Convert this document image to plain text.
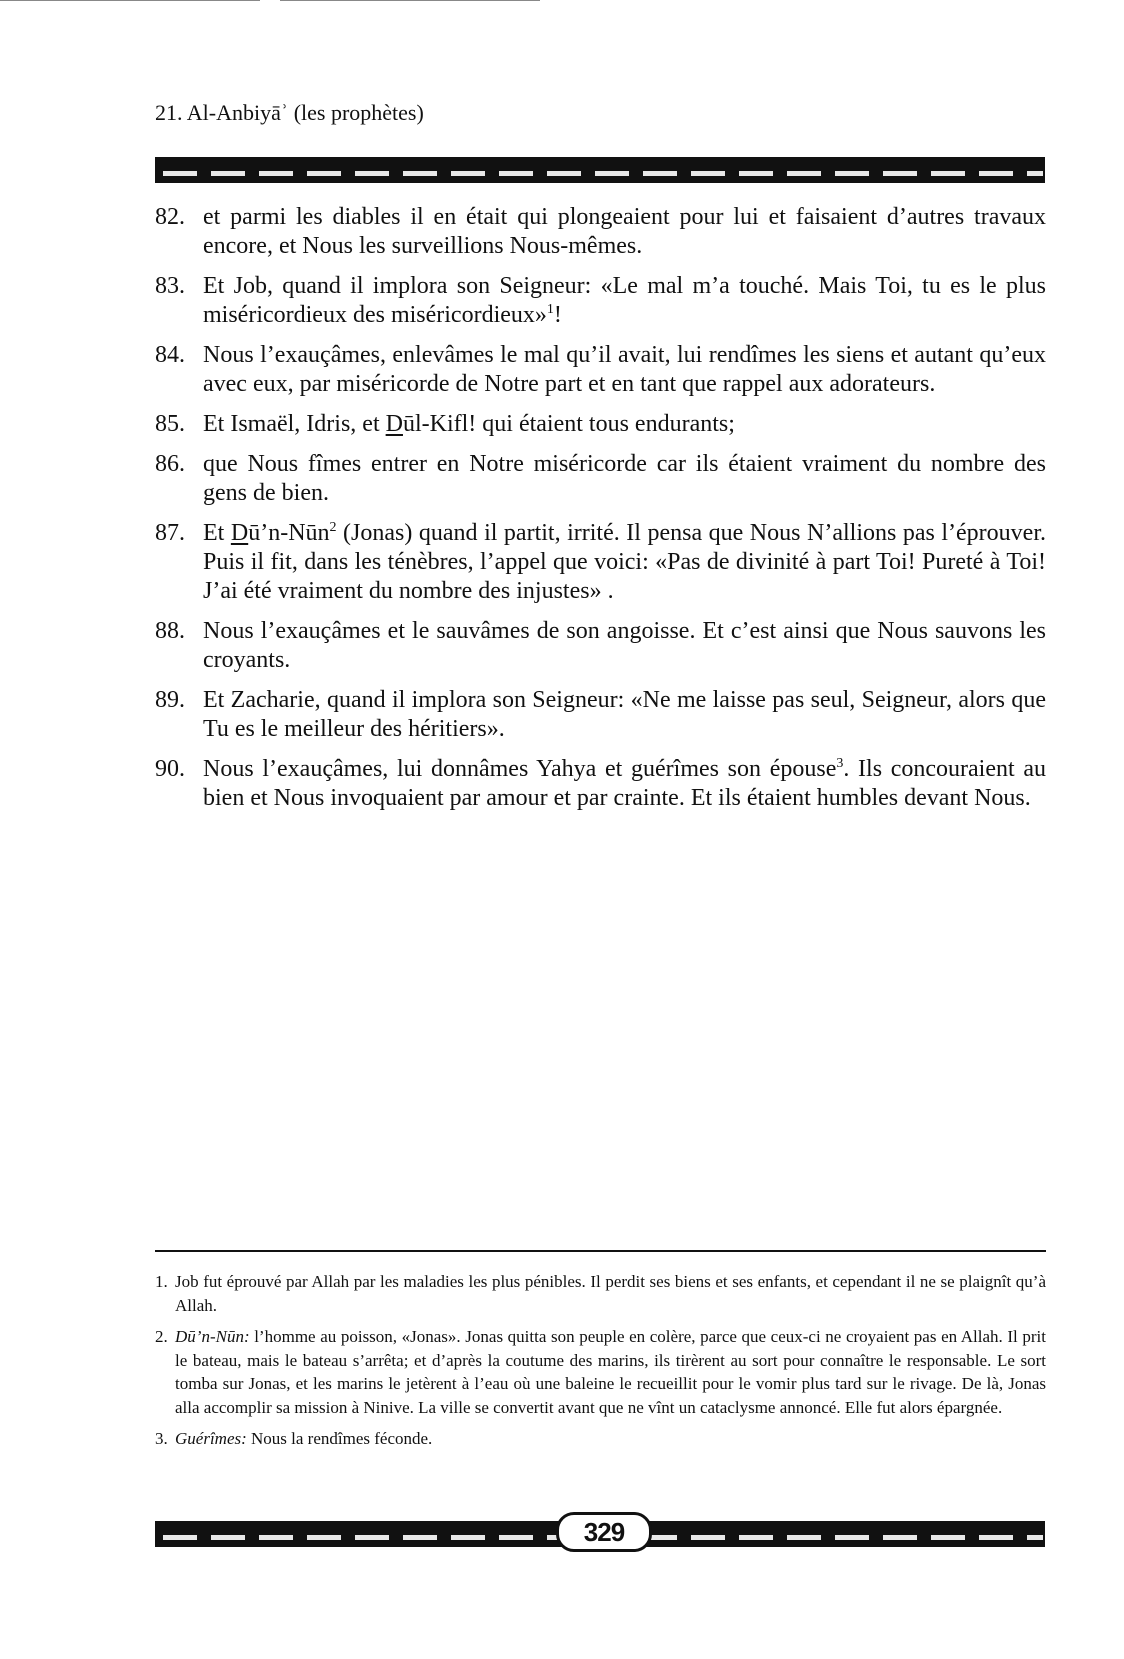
21. Al-Anbiyāʾ (les prophètes)
82. et parmi les diables il en était qui plongeaient pour lui et faisaient d’autres travaux encore, et Nous les surveillions Nous-mêmes.
83. Et Job, quand il implora son Seigneur: «Le mal m’a touché. Mais Toi, tu es le plus miséricordieux des miséricordieux»$^1$!
84. Nous l’exauçâmes, enlevâmes le mal qu’il avait, lui rendîmes les siens et autant qu’eux avec eux, par miséricorde de Notre part et en tant que rappel aux adorateurs.
85. Et Ismaël, Idris, et Dūl-Kifl! qui étaient tous endurants;
86. que Nous fîmes entrer en Notre miséricorde car ils étaient vraiment du nombre des gens de bien.
87. Et Dū’n-Nūn$^2$ (Jonas) quand il partit, irrité. Il pensa que Nous N’allions pas l’éprouver. Puis il fit, dans les ténèbres, l’appel que voici: «Pas de divinité à part Toi! Pureté à Toi! J’ai été vraiment du nombre des injustes» .
88. Nous l’exauçâmes et le sauvâmes de son angoisse. Et c’est ainsi que Nous sauvons les croyants.
89. Et Zacharie, quand il implora son Seigneur: «Ne me laisse pas seul, Seigneur, alors que Tu es le meilleur des héritiers».
90. Nous l’exauçâmes, lui donnâmes Yahya et guérîmes son épouse$^3$. Ils concouraient au bien et Nous invoquaient par amour et par crainte. Et ils étaient humbles devant Nous.
1. Job fut éprouvé par Allah par les maladies les plus pénibles. Il perdit ses biens et ses enfants, et cependant il ne se plaignît qu’à Allah.
2. Dū’n-Nūn: l’homme au poisson, «Jonas». Jonas quitta son peuple en colère, parce que ceux-ci ne croyaient pas en Allah. Il prit le bateau, mais le bateau s’arrêta; et d’après la coutume des marins, ils tirèrent au sort pour connaître le responsable. Le sort tomba sur Jonas, et les marins le jetèrent à l’eau où une baleine le recueillit pour le vomir plus tard sur le rivage. De là, Jonas alla accomplir sa mission à Ninive. La ville se convertit avant que ne vînt un cataclysme annoncé. Elle fut alors épargnée.
3. Guérîmes: Nous la rendîmes féconde.
329
